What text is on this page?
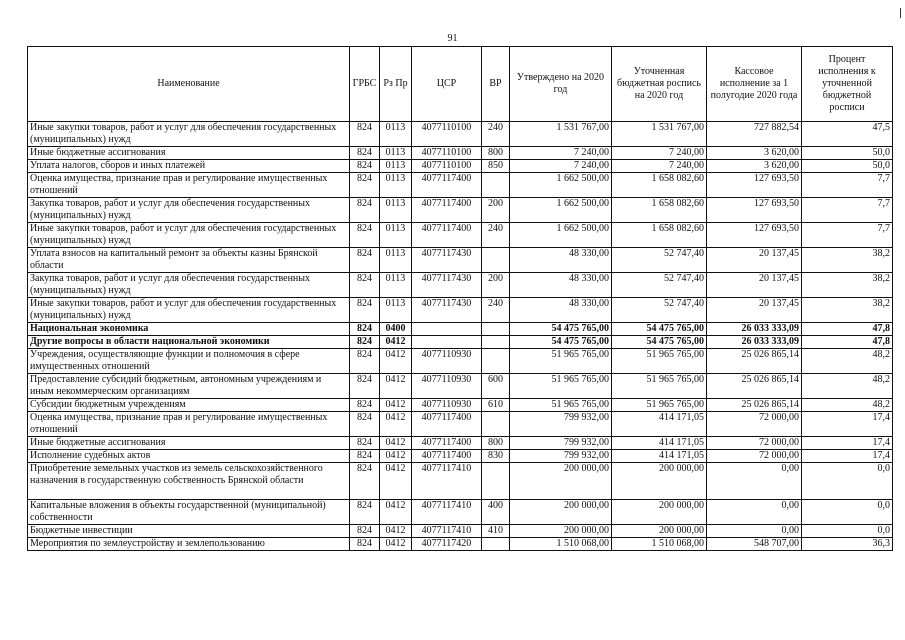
91
Наименование	ГРБС	Рз Пр	ЦСР	ВР	Утверждено на 2020 год	Уточненная бюджетная роспись на 2020 год	Кассовое исполнение за 1 полугодие 2020 года	Процент исполнения к уточненной бюджетной росписи
Иные закупки товаров, работ и услуг для обеспечения государственных (муниципальных) нужд	824	0113	4077110100	240	1 531 767,00	1 531 767,00	727 882,54	47,5
Иные бюджетные ассигнования	824	0113	4077110100	800	7 240,00	7 240,00	3 620,00	50,0
Уплата налогов, сборов и иных платежей	824	0113	4077110100	850	7 240,00	7 240,00	3 620,00	50,0
Оценка имущества, признание прав и регулирование имущественных отношений	824	0113	4077117400		1 662 500,00	1 658 082,60	127 693,50	7,7
Закупка товаров, работ и услуг для обеспечения государственных (муниципальных) нужд	824	0113	4077117400	200	1 662 500,00	1 658 082,60	127 693,50	7,7
Иные закупки товаров, работ и услуг для обеспечения государственных (муниципальных) нужд	824	0113	4077117400	240	1 662 500,00	1 658 082,60	127 693,50	7,7
Уплата взносов на капитальный ремонт за объекты казны Брянской области	824	0113	4077117430		48 330,00	52 747,40	20 137,45	38,2
Закупка товаров, работ и услуг для обеспечения государственных (муниципальных) нужд	824	0113	4077117430	200	48 330,00	52 747,40	20 137,45	38,2
Иные закупки товаров, работ и услуг для обеспечения государственных (муниципальных) нужд	824	0113	4077117430	240	48 330,00	52 747,40	20 137,45	38,2
Национальная экономика	824	0400			54 475 765,00	54 475 765,00	26 033 333,09	47,8
Другие вопросы в области национальной экономики	824	0412			54 475 765,00	54 475 765,00	26 033 333,09	47,8
Учреждения, осуществляющие функции и полномочия в сфере имущественных отношений	824	0412	4077110930		51 965 765,00	51 965 765,00	25 026 865,14	48,2
Предоставление субсидий бюджетным, автономным учреждениям и иным некоммерческим организациям	824	0412	4077110930	600	51 965 765,00	51 965 765,00	25 026 865,14	48,2
Субсидии бюджетным учреждениям	824	0412	4077110930	610	51 965 765,00	51 965 765,00	25 026 865,14	48,2
Оценка имущества, признание прав и регулирование имущественных отношений	824	0412	4077117400		799 932,00	414 171,05	72 000,00	17,4
Иные бюджетные ассигнования	824	0412	4077117400	800	799 932,00	414 171,05	72 000,00	17,4
Исполнение судебных актов	824	0412	4077117400	830	799 932,00	414 171,05	72 000,00	17,4
Приобретение земельных участков из земель сельскохозяйственного назначения в государственную собственность Брянской области	824	0412	4077117410		200 000,00	200 000,00	0,00	0,0
Капитальные вложения в объекты государственной (муниципальной) собственности	824	0412	4077117410	400	200 000,00	200 000,00	0,00	0,0
Бюджетные инвестиции	824	0412	4077117410	410	200 000,00	200 000,00	0,00	0,0
Мероприятия по землеустройству и землепользованию	824	0412	4077117420		1 510 068,00	1 510 068,00	548 707,00	36,3
